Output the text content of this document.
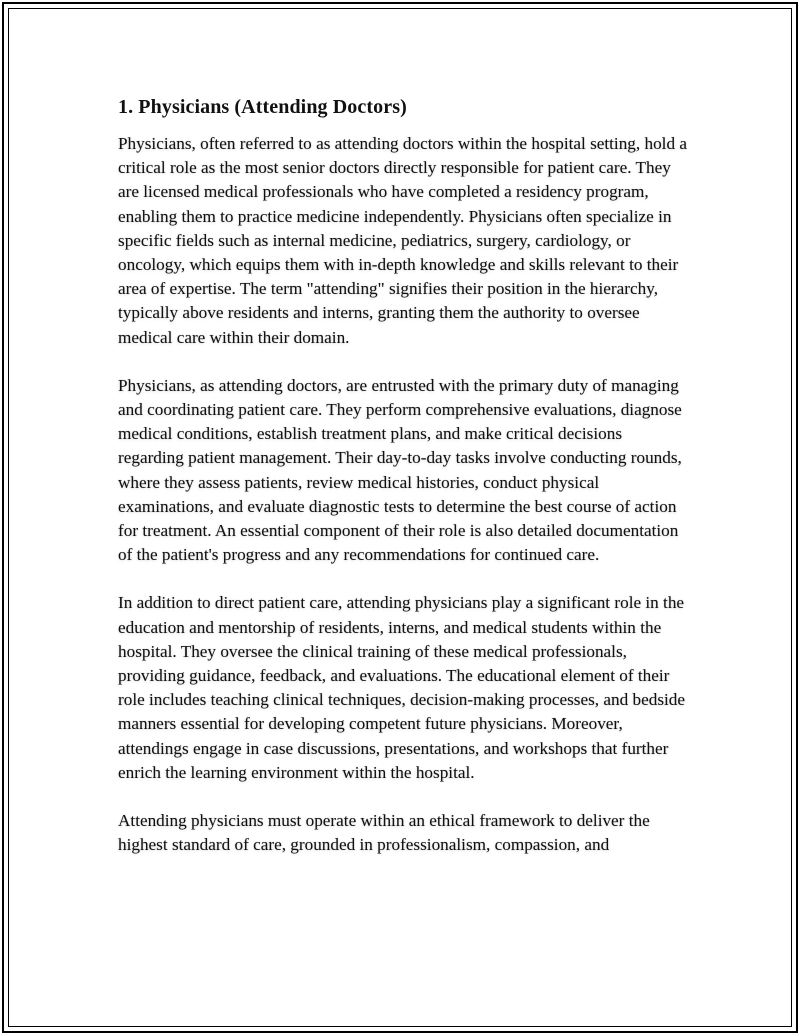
1. Physicians (Attending Doctors)

Physicians, often referred to as attending doctors within the hospital setting, hold a critical role as the most senior doctors directly responsible for patient care. They are licensed medical professionals who have completed a residency program, enabling them to practice medicine independently. Physicians often specialize in specific fields such as internal medicine, pediatrics, surgery, cardiology, or oncology, which equips them with in-depth knowledge and skills relevant to their area of expertise. The term "attending" signifies their position in the hierarchy, typically above residents and interns, granting them the authority to oversee medical care within their domain.

Physicians, as attending doctors, are entrusted with the primary duty of managing and coordinating patient care. They perform comprehensive evaluations, diagnose medical conditions, establish treatment plans, and make critical decisions regarding patient management. Their day-to-day tasks involve conducting rounds, where they assess patients, review medical histories, conduct physical examinations, and evaluate diagnostic tests to determine the best course of action for treatment. An essential component of their role is also detailed documentation of the patient's progress and any recommendations for continued care.

In addition to direct patient care, attending physicians play a significant role in the education and mentorship of residents, interns, and medical students within the hospital. They oversee the clinical training of these medical professionals, providing guidance, feedback, and evaluations. The educational element of their role includes teaching clinical techniques, decision-making processes, and bedside manners essential for developing competent future physicians. Moreover, attendings engage in case discussions, presentations, and workshops that further enrich the learning environment within the hospital.

Attending physicians must operate within an ethical framework to deliver the highest standard of care, grounded in professionalism, compassion, and
